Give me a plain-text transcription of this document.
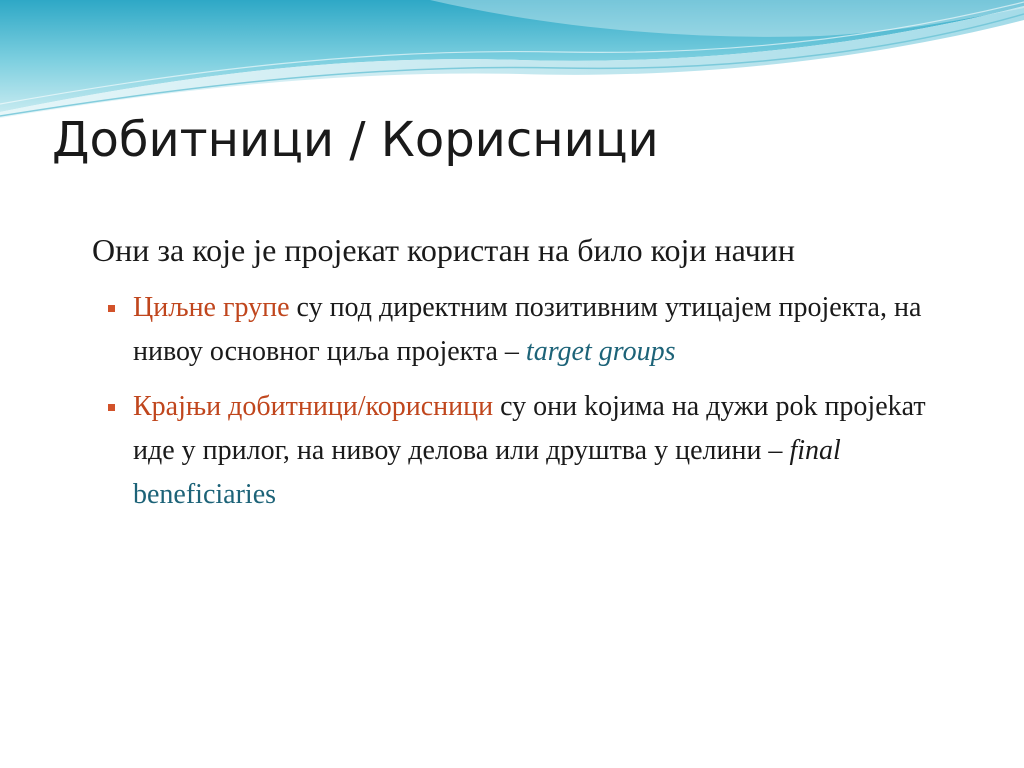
Добитници / Корисници

Они за које је пројекат користан на било који начин

Циљне групе су под директним позитивним утицајем пројекта, на нивоу основног циља пројекта – target groups
Крајњи добитници/корисници су они kојима на дужи рok пројеkат иде у прилог, на нивоу делова или друштва у целини – final beneficiaries
